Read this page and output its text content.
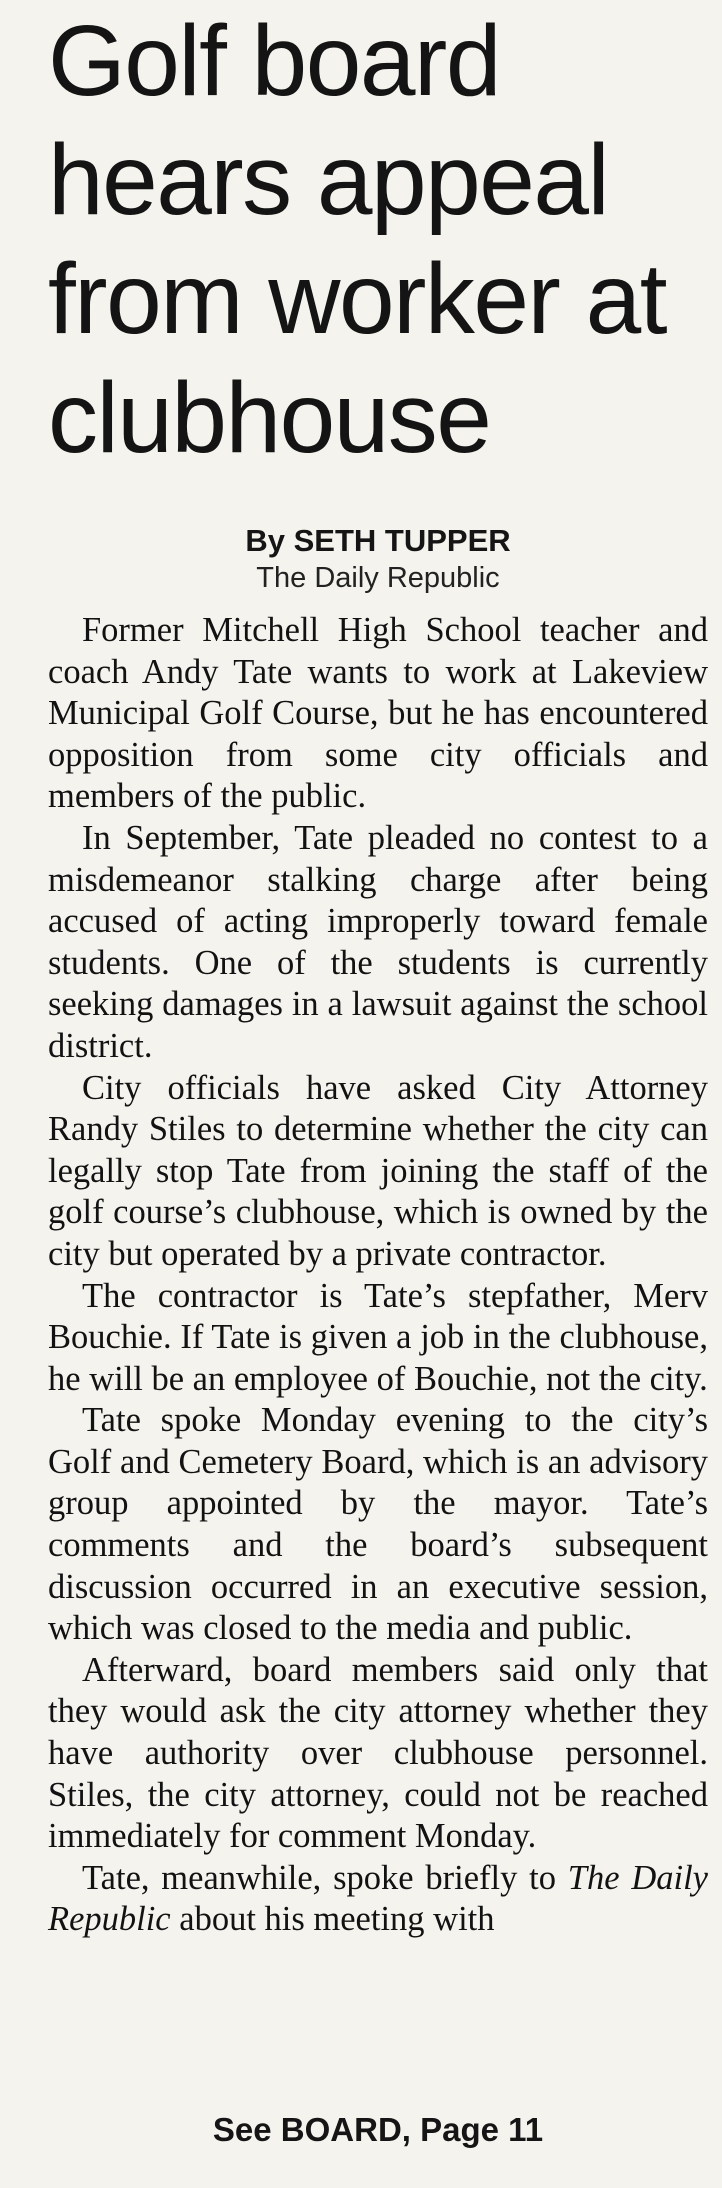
Golf board hears appeal from worker at clubhouse
By SETH TUPPER
The Daily Republic

Former Mitchell High School teacher and coach Andy Tate wants to work at Lakeview Municipal Golf Course, but he has encountered opposition from some city officials and members of the public.

In September, Tate pleaded no contest to a misdemeanor stalking charge after being accused of acting improperly toward female students. One of the students is currently seeking damages in a lawsuit against the school district.

City officials have asked City Attorney Randy Stiles to determine whether the city can legally stop Tate from joining the staff of the golf course’s clubhouse, which is owned by the city but operated by a private contractor.

The contractor is Tate’s stepfather, Merv Bouchie. If Tate is given a job in the clubhouse, he will be an employee of Bouchie, not the city.

Tate spoke Monday evening to the city’s Golf and Cemetery Board, which is an advisory group appointed by the mayor. Tate’s comments and the board’s subsequent discussion occurred in an executive session, which was closed to the media and public.

Afterward, board members said only that they would ask the city attorney whether they have authority over clubhouse personnel. Stiles, the city attorney, could not be reached immediately for comment Monday.

Tate, meanwhile, spoke briefly to The Daily Republic about his meeting with

See BOARD, Page 11
